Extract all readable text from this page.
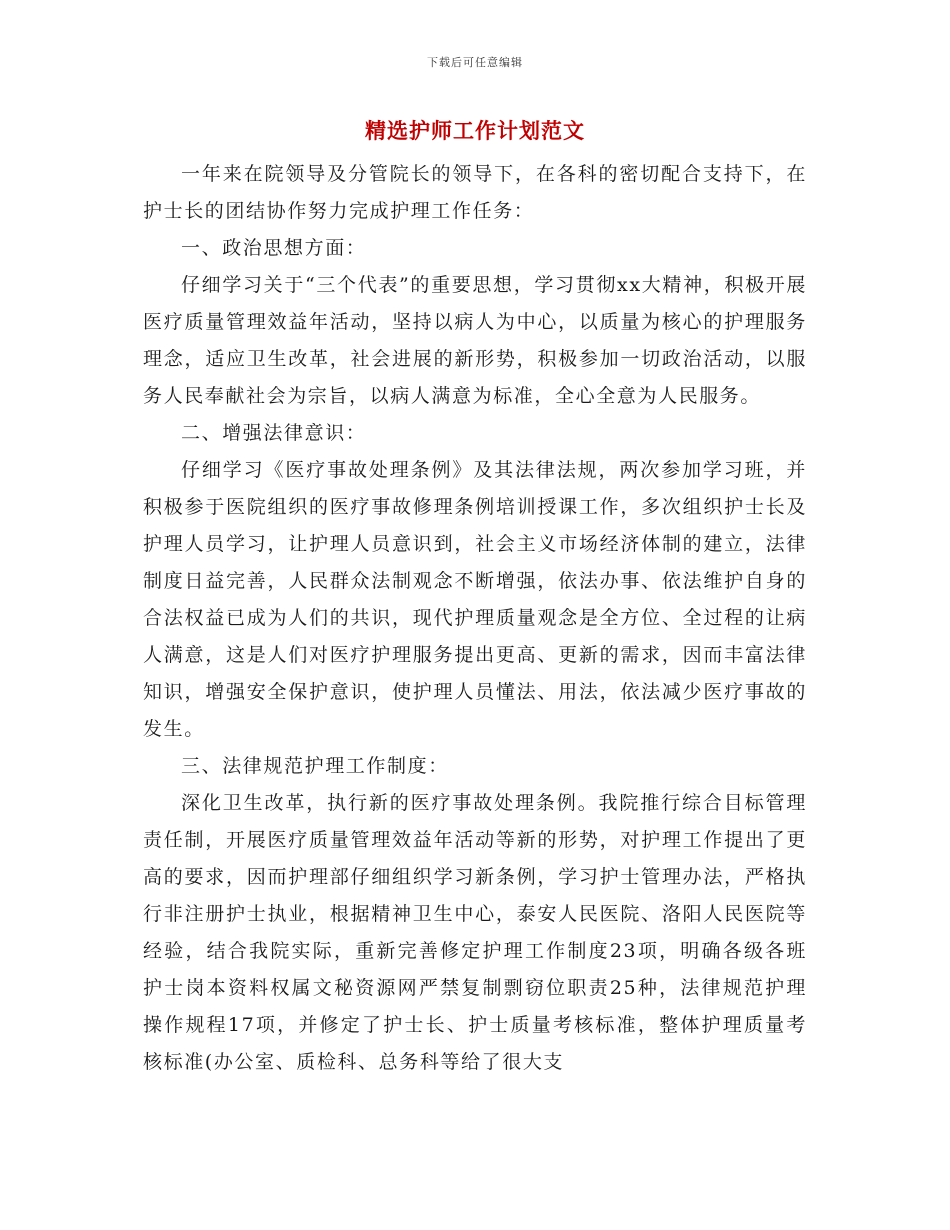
下载后可任意编辑
精选护师工作计划范文

一年来在院领导及分管院长的领导下，在各科的密切配合支持下，在护士长的团结协作努力完成护理工作任务：

一、政治思想方面：

仔细学习关于“三个代表”的重要思想，学习贯彻xx大精神，积极开展医疗质量管理效益年活动，坚持以病人为中心，以质量为核心的护理服务理念，适应卫生改革，社会进展的新形势，积极参加一切政治活动，以服务人民奉献社会为宗旨，以病人满意为标准，全心全意为人民服务。

二、增强法律意识：

仔细学习《医疗事故处理条例》及其法律法规，两次参加学习班，并积极参于医院组织的医疗事故修理条例培训授课工作，多次组织护士长及护理人员学习，让护理人员意识到，社会主义市场经济体制的建立，法律制度日益完善，人民群众法制观念不断增强，依法办事、依法维护自身的合法权益已成为人们的共识，现代护理质量观念是全方位、全过程的让病人满意，这是人们对医疗护理服务提出更高、更新的需求，因而丰富法律知识，增强安全保护意识，使护理人员懂法、用法，依法减少医疗事故的发生。

三、法律规范护理工作制度：

深化卫生改革，执行新的医疗事故处理条例。我院推行综合目标管理责任制，开展医疗质量管理效益年活动等新的形势，对护理工作提出了更高的要求，因而护理部仔细组织学习新条例，学习护士管理办法，严格执行非注册护士执业，根据精神卫生中心，泰安人民医院、洛阳人民医院等经验，结合我院实际，重新完善修定护理工作制度23项，明确各级各班护士岗本资料权属文秘资源网严禁复制剽窃位职责25种，法律规范护理操作规程17项，并修定了护士长、护士质量考核标准，整体护理质量考核标准(办公室、质检科、总务科等给了很大支
